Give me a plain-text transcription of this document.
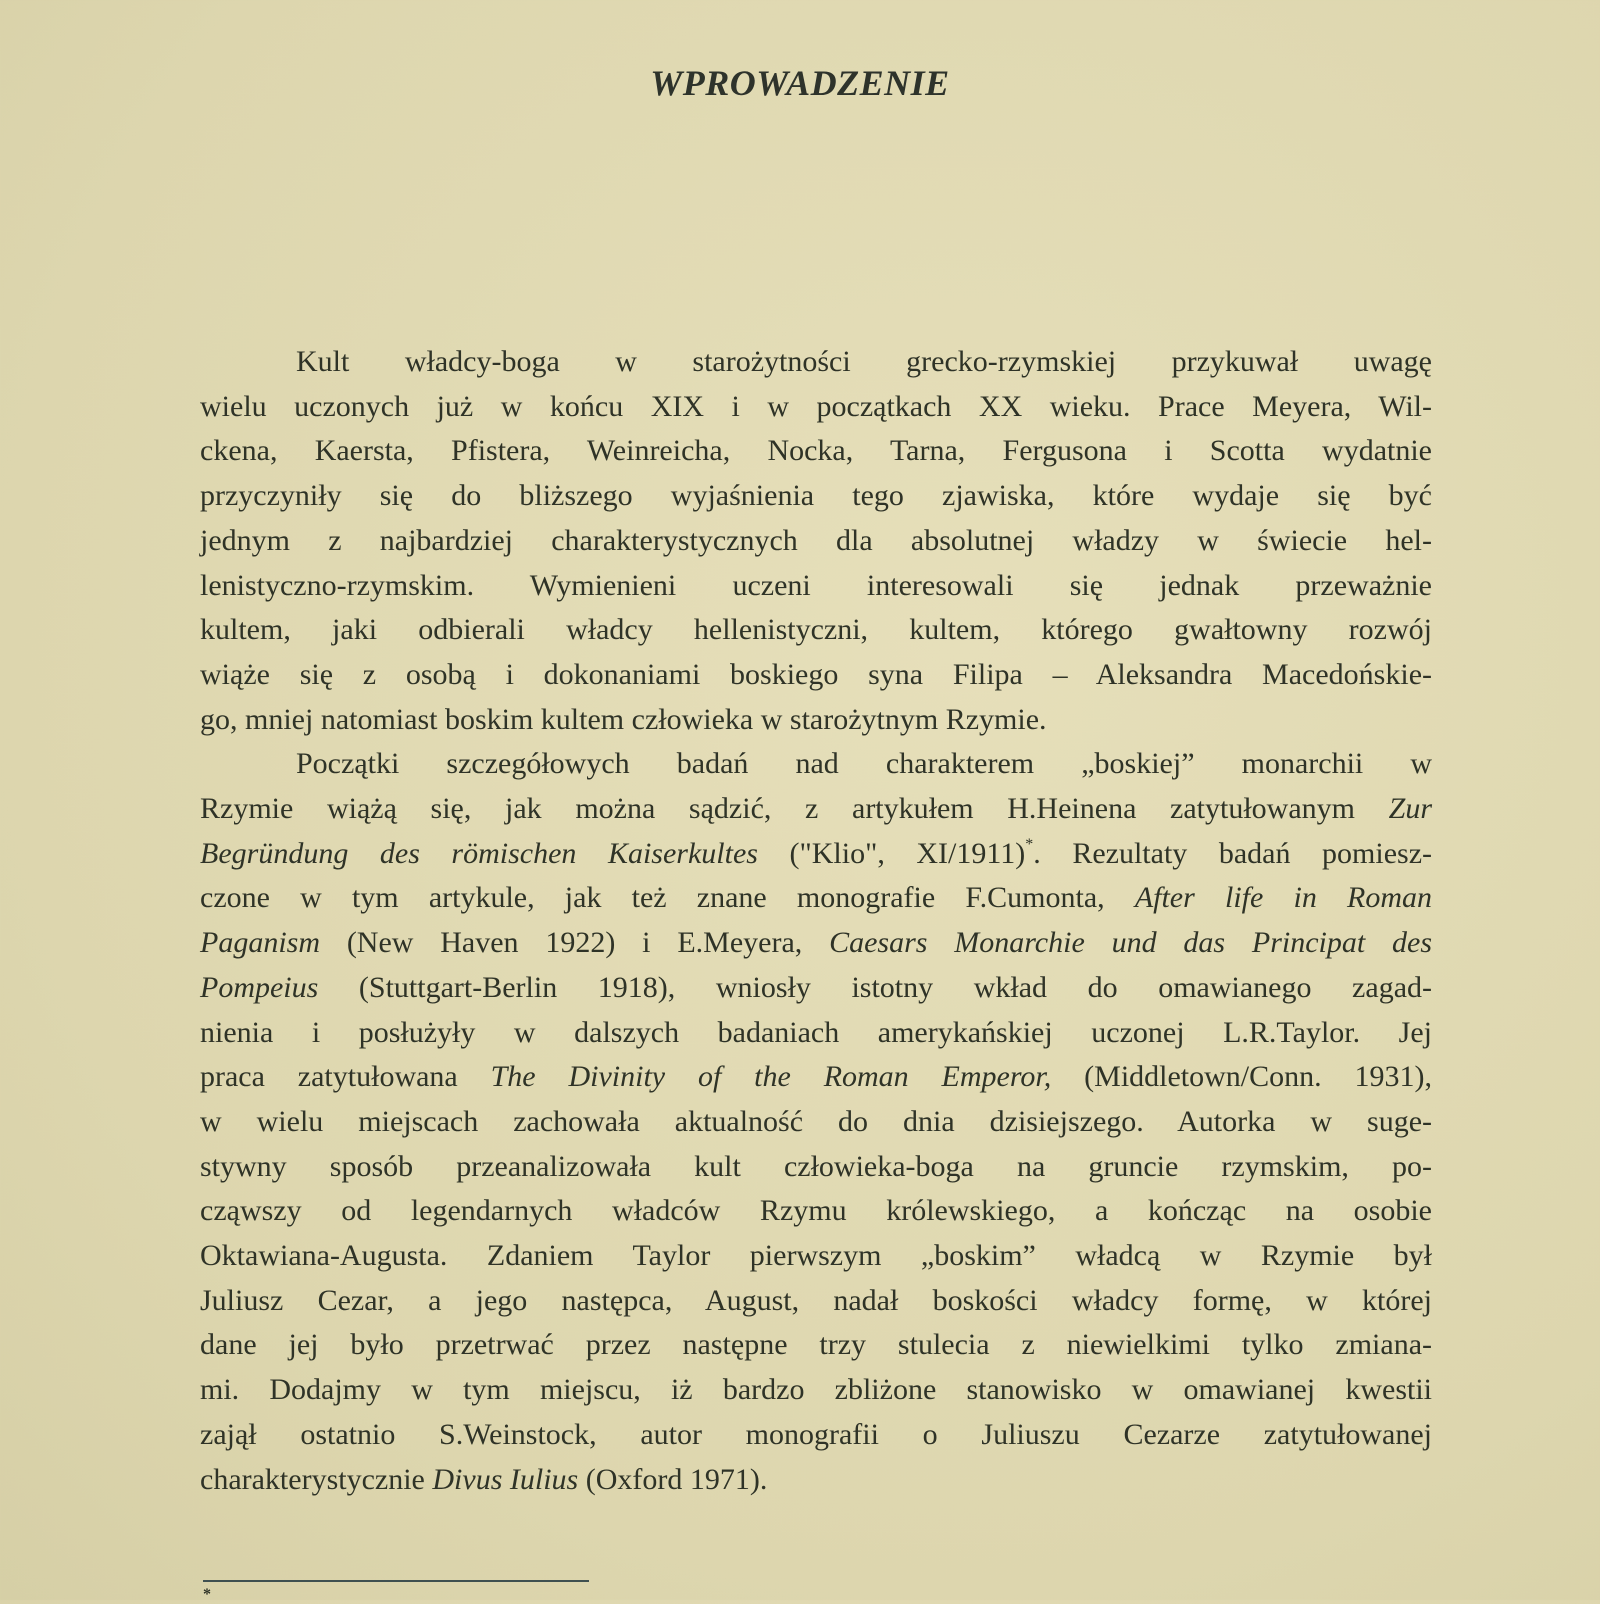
WPROWADZENIE

Kult władcy-boga w starożytności grecko-rzymskiej przykuwał uwagę
wielu uczonych już w końcu XIX i w początkach XX wieku. Prace Meyera, Wil-
ckena, Kaersta, Pfistera, Weinreicha, Nocka, Tarna, Fergusona i Scotta wydatnie
przyczyniły się do bliższego wyjaśnienia tego zjawiska, które wydaje się być
jednym z najbardziej charakterystycznych dla absolutnej władzy w świecie hel-
lenistyczno-rzymskim. Wymienieni uczeni interesowali się jednak przeważnie
kultem, jaki odbierali władcy hellenistyczni, kultem, którego gwałtowny rozwój
wiąże się z osobą i dokonaniami boskiego syna Filipa – Aleksandra Macedońskie-
go, mniej natomiast boskim kultem człowieka w starożytnym Rzymie.

Początki szczegółowych badań nad charakterem „boskiej” monarchii w
Rzymie wiążą się, jak można sądzić, z artykułem H.Heinena zatytułowanym Zur
Begründung des römischen Kaiserkultes ("Klio", XI/1911)*. Rezultaty badań pomiesz-
czone w tym artykule, jak też znane monografie F.Cumonta, After life in Roman
Paganism (New Haven 1922) i E.Meyera, Caesars Monarchie und das Principat des
Pompeius (Stuttgart-Berlin 1918), wniosły istotny wkład do omawianego zagad-
nienia i posłużyły w dalszych badaniach amerykańskiej uczonej L.R.Taylor. Jej
praca zatytułowana The Divinity of the Roman Emperor, (Middletown/Conn. 1931),
w wielu miejscach zachowała aktualność do dnia dzisiejszego. Autorka w suge-
stywny sposób przeanalizowała kult człowieka-boga na gruncie rzymskim, po-
cząwszy od legendarnych władców Rzymu królewskiego, a kończąc na osobie
Oktawiana-Augusta. Zdaniem Taylor pierwszym „boskim” władcą w Rzymie był
Juliusz Cezar, a jego następca, August, nadał boskości władcy formę, w której
dane jej było przetrwać przez następne trzy stulecia z niewielkimi tylko zmiana-
mi. Dodajmy w tym miejscu, iż bardzo zbliżone stanowisko w omawianej kwestii
zajął ostatnio S.Weinstock, autor monografii o Juliuszu Cezarze zatytułowanej
charakterystycznie Divus Iulius (Oxford 1971).

*
